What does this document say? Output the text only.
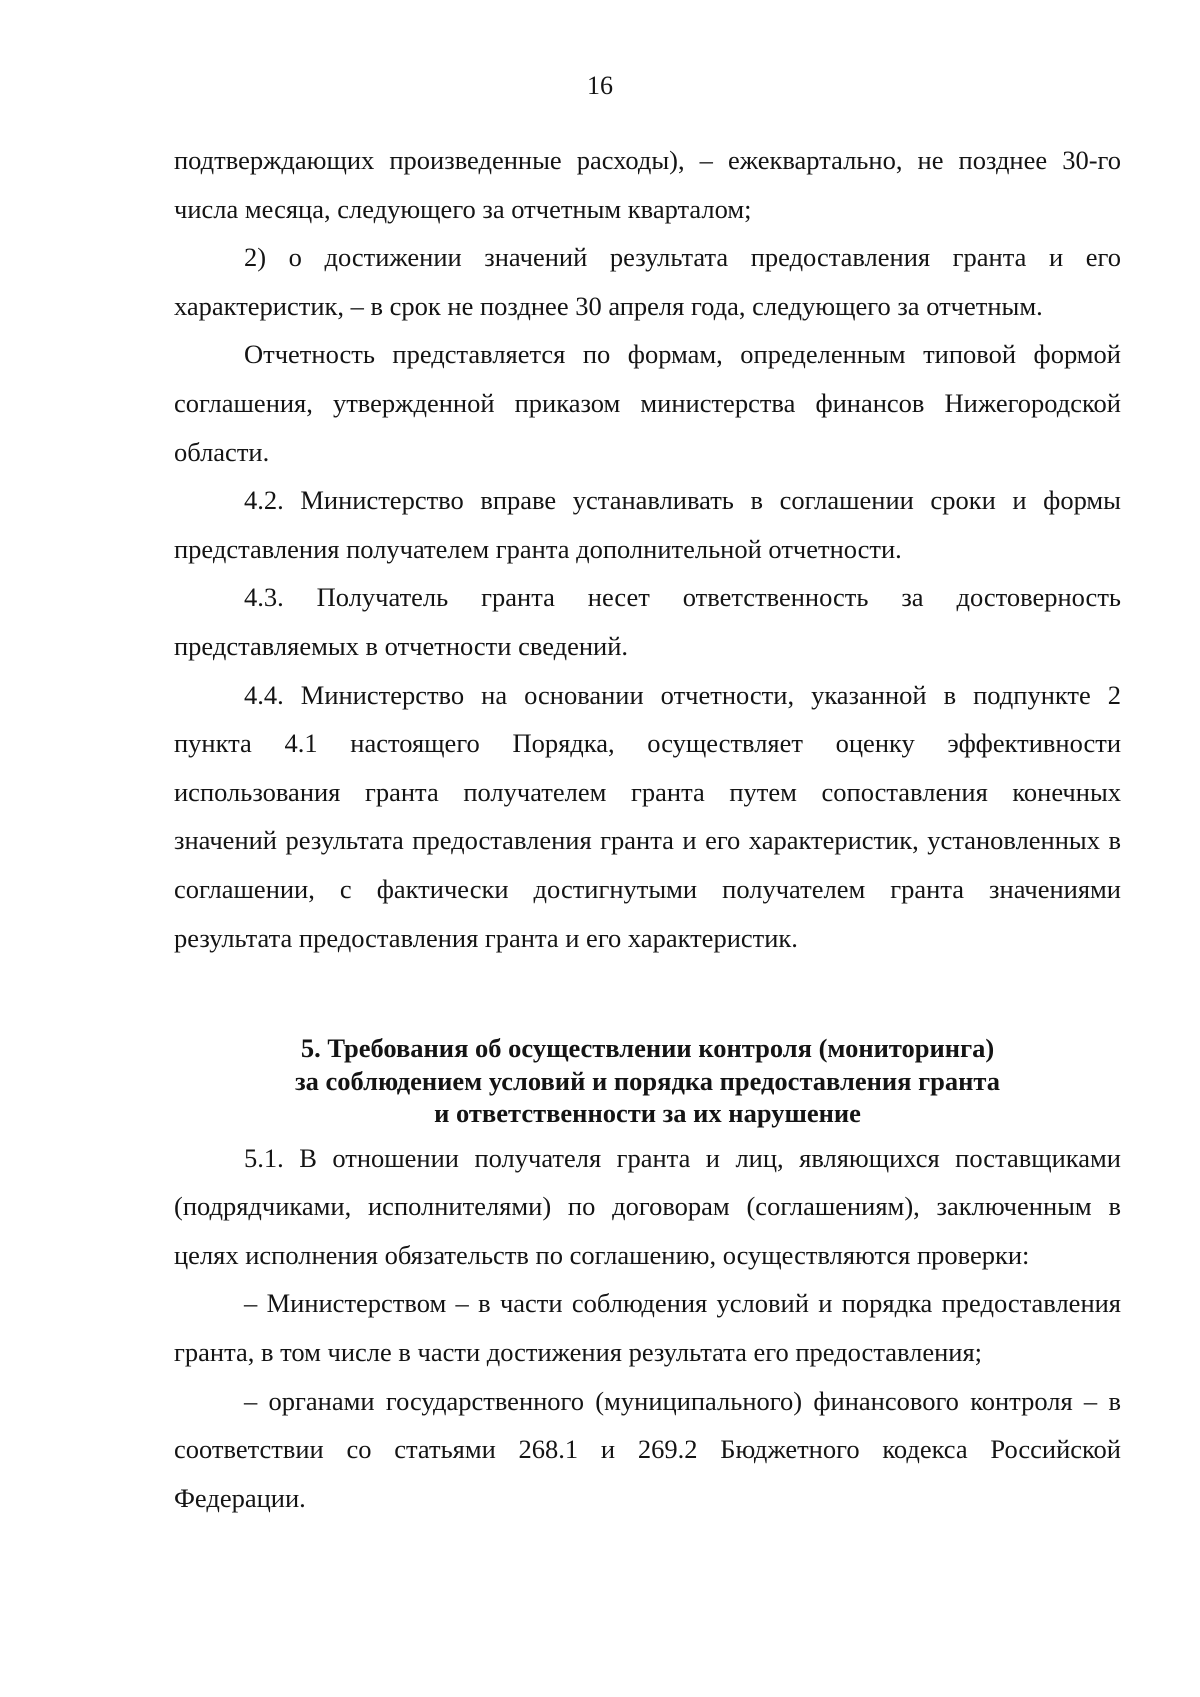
16

подтверждающих произведенные расходы), – ежеквартально, не позднее 30-го числа месяца, следующего за отчетным кварталом;

2) о достижении значений результата предоставления гранта и его характеристик, – в срок не позднее 30 апреля года, следующего за отчетным.

Отчетность представляется по формам, определенным типовой формой соглашения, утвержденной приказом министерства финансов Нижегородской области.

4.2. Министерство вправе устанавливать в соглашении сроки и формы представления получателем гранта дополнительной отчетности.

4.3. Получатель гранта несет ответственность за достоверность представляемых в отчетности сведений.

4.4. Министерство на основании отчетности, указанной в подпункте 2 пункта 4.1 настоящего Порядка, осуществляет оценку эффективности использования гранта получателем гранта путем сопоставления конечных значений результата предоставления гранта и его характеристик, установленных в соглашении, с фактически достигнутыми получателем гранта значениями результата предоставления гранта и его характеристик.

5. Требования об осуществлении контроля (мониторинга)
за соблюдением условий и порядка предоставления гранта
и ответственности за их нарушение

5.1. В отношении получателя гранта и лиц, являющихся поставщиками (подрядчиками, исполнителями) по договорам (соглашениям), заключенным в целях исполнения обязательств по соглашению, осуществляются проверки:

– Министерством – в части соблюдения условий и порядка предоставления гранта, в том числе в части достижения результата его предоставления;

– органами государственного (муниципального) финансового контроля – в соответствии со статьями 268.1 и 269.2 Бюджетного кодекса Российской Федерации.
